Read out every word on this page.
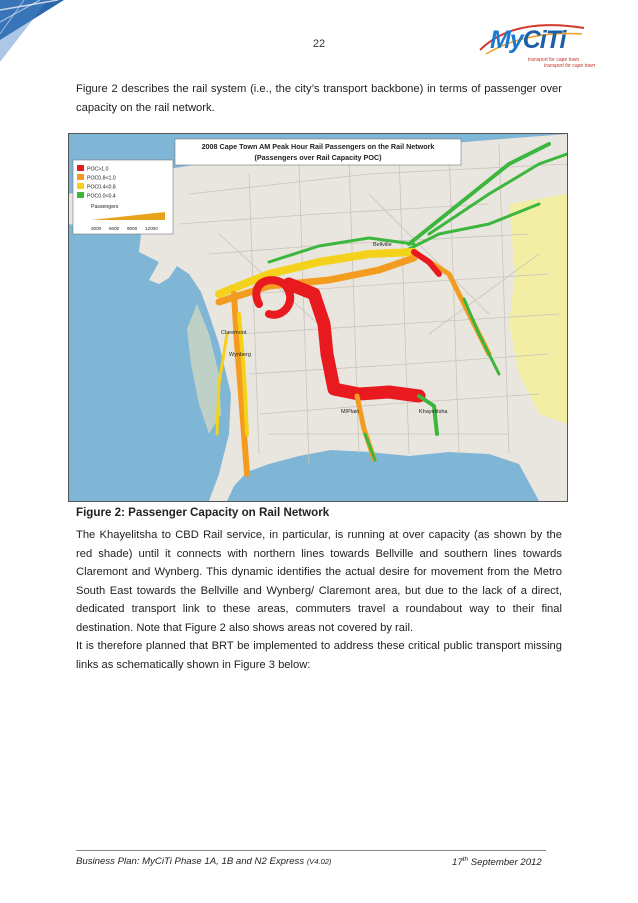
22	MyCiTi
transport for cape town
transport for cape town

Figure 2 describes the rail system (i.e., the city’s transport backbone) in terms of passenger over capacity on the rail network.

2008 Cape Town AM Peak Hour Rail Passengers on the Rail Network
(Passengers over Rail Capacity POC)
POC>1.0
POC0.8<1.0
POC0.4<0.8
POC0.0<0.4
Passengers
3000 6000 9000 12000
Bellville
Claremont
Wynberg
M/Plain	Khayelitsha

Figure 2: Passenger Capacity on Rail Network

The Khayelitsha to CBD Rail service, in particular, is running at over capacity (as shown by the red shade) until it connects with northern lines towards Bellville and southern lines towards Claremont and Wynberg. This dynamic identifies the actual desire for movement from the Metro South East towards the Bellville and Wynberg/ Claremont area, but due to the lack of a direct, dedicated transport link to these areas, commuters travel a roundabout way to their final destination. Note that Figure 2 also shows areas not covered by rail.

It is therefore planned that BRT be implemented to address these critical public transport missing links as schematically shown in Figure 3 below:

Business Plan: MyCiTi Phase 1A, 1B and N2 Express (V4.02)	17th September 2012
